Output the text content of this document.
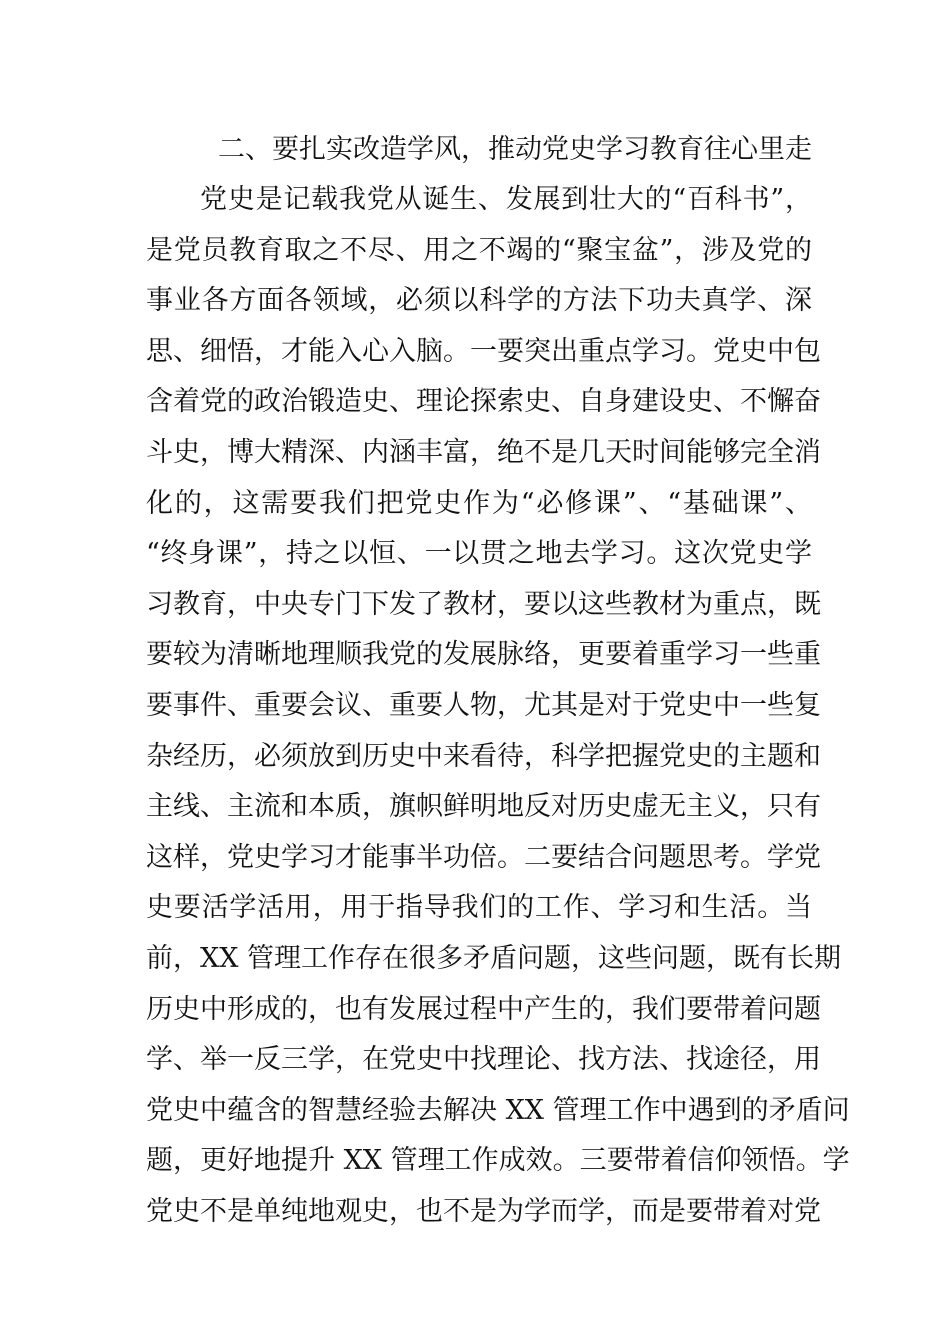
二、要扎实改造学风，推动党史学习教育往心里走
党史是记载我党从诞生、发展到壮大的“百科书”，
是党员教育取之不尽、用之不竭的“聚宝盆”，涉及党的
事业各方面各领域，必须以科学的方法下功夫真学、深
思、细悟，才能入心入脑。一要突出重点学习。党史中包
含着党的政治锻造史、理论探索史、自身建设史、不懈奋
斗史，博大精深、内涵丰富，绝不是几天时间能够完全消
化的，这需要我们把党史作为“必修课”、“基础课”、
“终身课”，持之以恒、一以贯之地去学习。这次党史学
习教育，中央专门下发了教材，要以这些教材为重点，既
要较为清晰地理顺我党的发展脉络，更要着重学习一些重
要事件、重要会议、重要人物，尤其是对于党史中一些复
杂经历，必须放到历史中来看待，科学把握党史的主题和
主线、主流和本质，旗帜鲜明地反对历史虚无主义，只有
这样，党史学习才能事半功倍。二要结合问题思考。学党
史要活学活用，用于指导我们的工作、学习和生活。当
前，XX 管理工作存在很多矛盾问题，这些问题，既有长期
历史中形成的，也有发展过程中产生的，我们要带着问题
学、举一反三学，在党史中找理论、找方法、找途径，用
党史中蕴含的智慧经验去解决 XX 管理工作中遇到的矛盾问
题，更好地提升 XX 管理工作成效。三要带着信仰领悟。学
党史不是单纯地观史，也不是为学而学，而是要带着对党
